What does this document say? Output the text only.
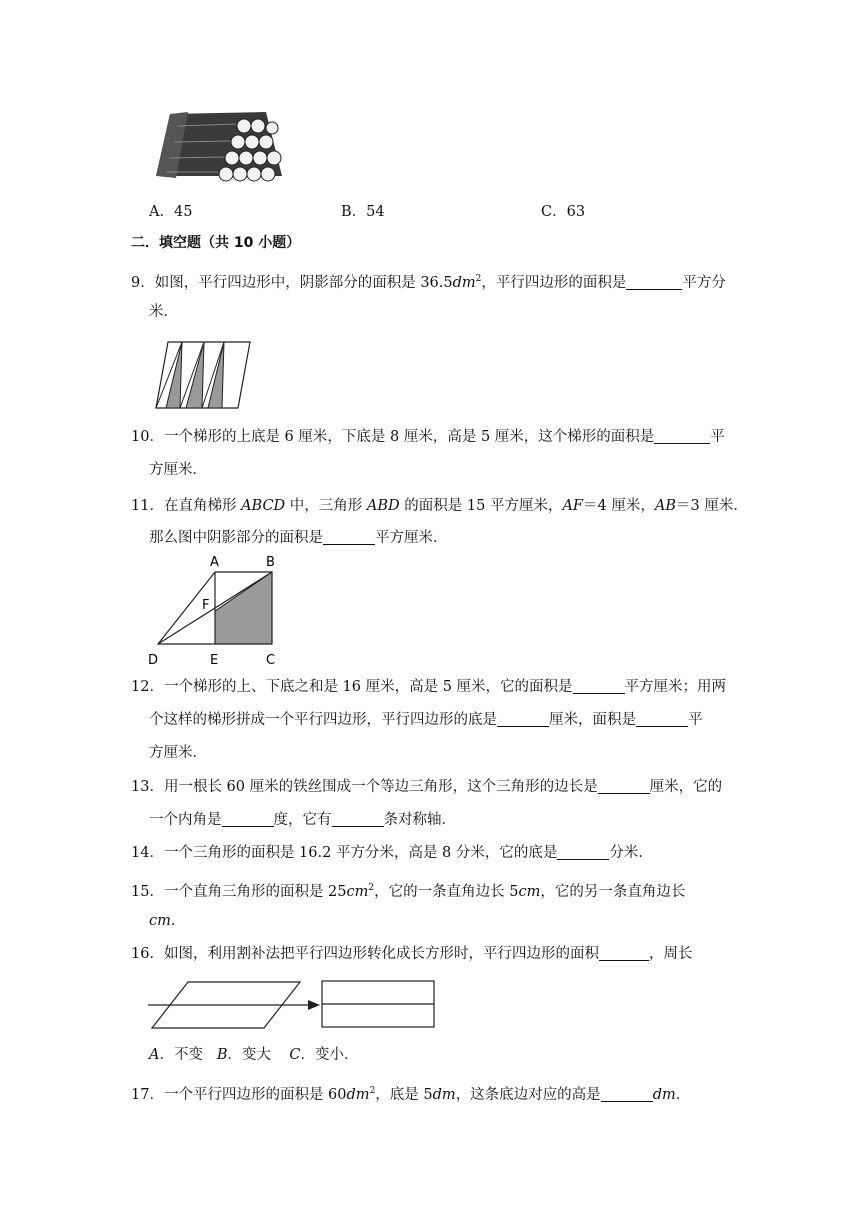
A．45	B．54	C．63
二．填空题（共 10 小题）
9．如图，平行四边形中，阴影部分的面积是 $36.5dm^2$，平行四边形的面积是	平方分
米．
10．一个梯形的上底是 6 厘米，下底是 8 厘米，高是 5 厘米，这个梯形的面积是	平
方厘米．
11．在直角梯形 ABCD 中，三角形 ABD 的面积是 15 平方厘米，AF＝4 厘米，AB＝3 厘米．
那么图中阴影部分的面积是	平方厘米．
A	B
F
D	E	C
12．一个梯形的上、下底之和是 16 厘米，高是 5 厘米，它的面积是	平方厘米；用两
个这样的梯形拼成一个平行四边形，平行四边形的底是	厘米，面积是	平
方厘米．
13．用一根长 60 厘米的铁丝围成一个等边三角形，这个三角形的边长是	厘米，它的
一个内角是	度，它有	条对称轴．
14．一个三角形的面积是 16.2 平方分米，高是 8 分米，它的底是	分米．
15．一个直角三角形的面积是 $25cm^2$，它的一条直角边长 5cm，它的另一条直角边长
cm．
16．如图，利用割补法把平行四边形转化成长方形时，平行四边形的面积	，周长
A．不变 B．变大 C．变小．
17．一个平行四边形的面积是 $60dm^2$，底是 5dm，这条底边对应的高是	dm．
